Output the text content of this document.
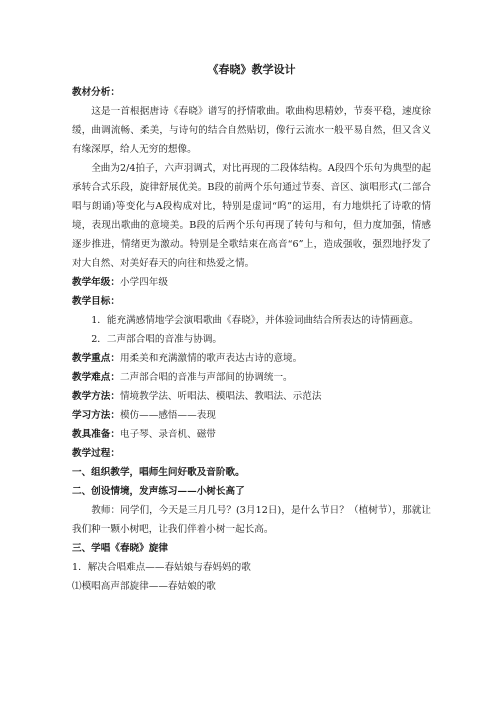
《春晓》教学设计

教材分析：

这是一首根据唐诗《春晓》谱写的抒情歌曲。歌曲构思精妙，节奏平稳，速度徐缓，曲调流畅、柔美，与诗句的结合自然贴切，像行云流水一般平易自然，但又含义有缘深厚，给人无穷的想像。

全曲为2/4拍子，六声羽调式，对比再现的二段体结构。A段四个乐句为典型的起承转合式乐段，旋律舒展优美。B段的前两个乐句通过节奏、音区、演唱形式(二部合唱与朗诵)等变化与A段构成对比，特别是虚词“呜”的运用，有力地烘托了诗歌的情境，表现出歌曲的意境美。B段的后两个乐句再现了转句与和句，但力度加强，情感逐步推进，情绪更为激动。特别是全歌结束在高音“6”上，造成强收，强烈地抒发了对大自然、对美好春天的向往和热爱之情。

教学年级：小学四年级

教学目标：

1．能充满感情地学会演唱歌曲《春晓》，并体验词曲结合所表达的诗情画意。

2．二声部合唱的音准与协调。

教学重点：用柔美和充满激情的歌声表达古诗的意境。

教学难点：二声部合唱的音准与声部间的协调统一。

教学方法：情境教学法、听唱法、模唱法、教唱法、示范法

学习方法：模仿——感悟——表现

教具准备：电子琴、录音机、磁带

教学过程：

一、组织教学，唱师生问好歌及音阶歌。

二、创设情境，发声练习——小树长高了

教师：同学们，今天是三月几号？(3月12日)，是什么节日？（植树节），那就让我们种一颗小树吧，让我们伴着小树一起长高。

三、学唱《春晓》旋律

1．解决合唱难点——春姑娘与春妈妈的歌

⑴模唱高声部旋律——春姑娘的歌
